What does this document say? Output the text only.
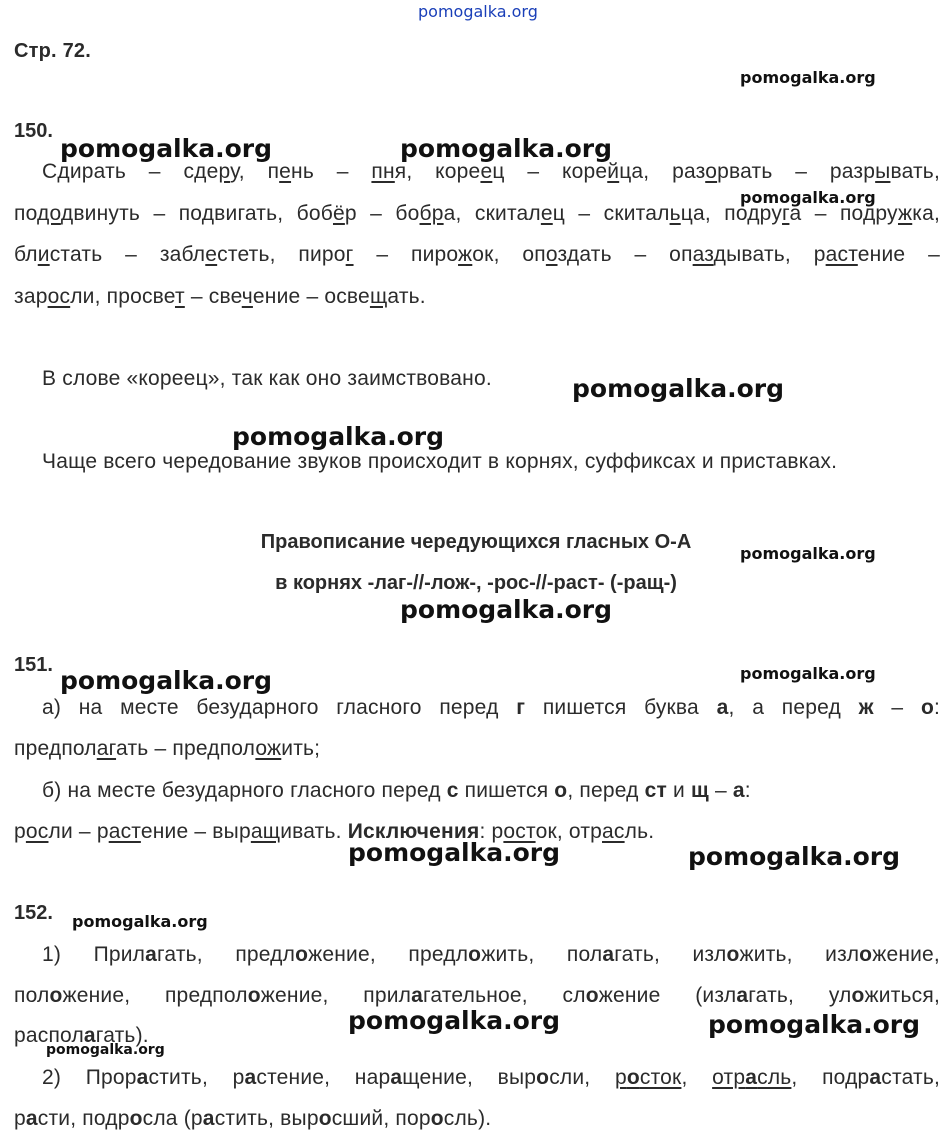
pomogalka.org
Стр. 72.
150.
Сдирать – сдеру, пень – пня, кореец – корейца, разорвать – разрывать,
пододвинуть – подвигать, бобёр – бобра, скиталец – скитальца, подруга – подружка,
блистать – заблестеть, пирог – пирожок, опоздать – опаздывать, растение –
заросли, просвет – свечение – освещать.
В слове «кореец», так как оно заимствовано.
Чаще всего чередование звуков происходит в корнях, суффиксах и приставках.
Правописание чередующихся гласных О-А
в корнях -лаг-//-лож-, -рос-//-раст- (-ращ-)
151.
а) на месте безударного гласного перед г пишется буква а, а перед ж – о:
предполагать – предположить;
б) на месте безударного гласного перед с пишется о, перед ст и щ – а:
росли – растение – выращивать. Исключения: росток, отрасль.
152.
1) Прилагать, предложение, предложить, полагать, изложить, изложение,
положение, предположение, прилагательное, сложение (излагать, уложиться,
располагать).
2) Прорастить, растение, наращение, выросли, росток, отрасль, подрастать,
расти, подросла (растить, выросший, поросль).
pomogalka.org
pomogalka.org	pomogalka.org
pomogalka.org
pomogalka.org
pomogalka.org
pomogalka.org
pomogalka.org
pomogalka.org
pomogalka.org
pomogalka.org	pomogalka.org
pomogalka.org
pomogalka.org	pomogalka.org
pomogalka.org
